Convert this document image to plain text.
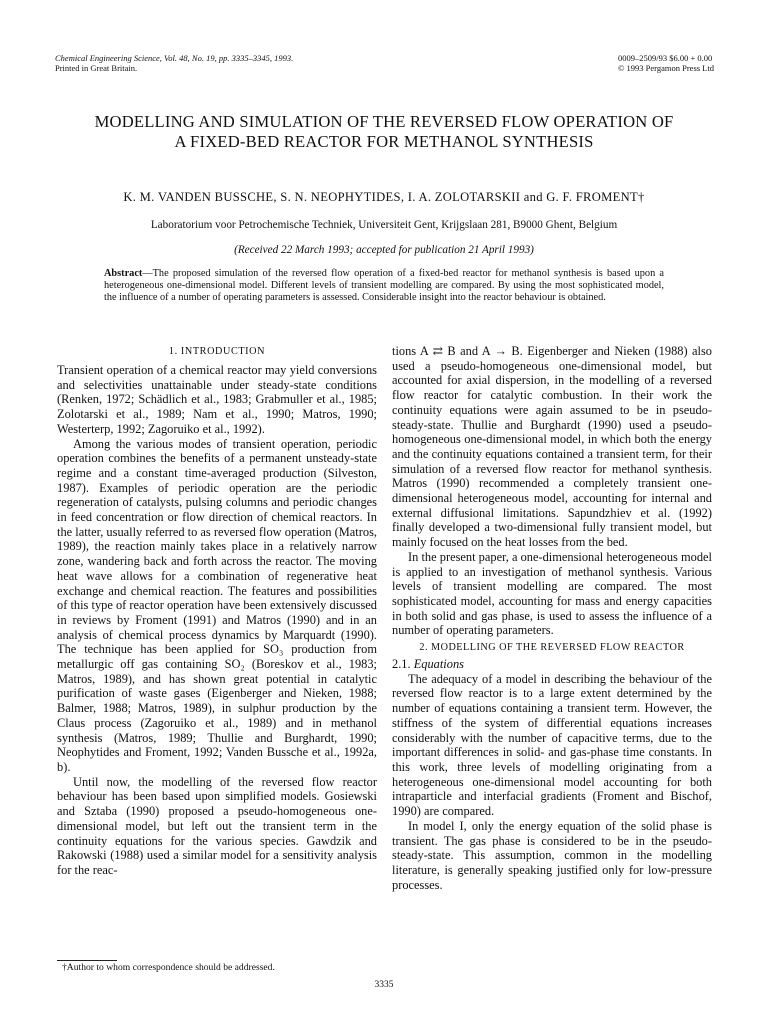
Chemical Engineering Science, Vol. 48, No. 19, pp. 3335–3345, 1993.
Printed in Great Britain.
0009–2509/93 $6.00 + 0.00
© 1993 Pergamon Press Ltd
MODELLING AND SIMULATION OF THE REVERSED FLOW OPERATION OF A FIXED-BED REACTOR FOR METHANOL SYNTHESIS
K. M. VANDEN BUSSCHE, S. N. NEOPHYTIDES, I. A. ZOLOTARSKII and G. F. FROMENT†
Laboratorium voor Petrochemische Techniek, Universiteit Gent, Krijgslaan 281, B9000 Ghent, Belgium
(Received 22 March 1993; accepted for publication 21 April 1993)
Abstract—The proposed simulation of the reversed flow operation of a fixed-bed reactor for methanol synthesis is based upon a heterogeneous one-dimensional model. Different levels of transient modelling are compared. By using the most sophisticated model, the influence of a number of operating parameters is assessed. Considerable insight into the reactor behaviour is obtained.
1. INTRODUCTION

Transient operation of a chemical reactor may yield conversions and selectivities unattainable under steady-state conditions (Renken, 1972; Schädlich et al., 1983; Grabmuller et al., 1985; Zolotarski et al., 1989; Nam et al., 1990; Matros, 1990; Westerterp, 1992; Zagoruiko et al., 1992).

Among the various modes of transient operation, periodic operation combines the benefits of a permanent unsteady-state regime and a constant time-averaged production (Silveston, 1987). Examples of periodic operation are the periodic regeneration of catalysts, pulsing columns and periodic changes in feed concentration or flow direction of chemical reactors. In the latter, usually referred to as reversed flow operation (Matros, 1989), the reaction mainly takes place in a relatively narrow zone, wandering back and forth across the reactor. The moving heat wave allows for a combination of regenerative heat exchange and chemical reaction. The features and possibilities of this type of reactor operation have been extensively discussed in reviews by Froment (1991) and Matros (1990) and in an analysis of chemical process dynamics by Marquardt (1990). The technique has been applied for SO₃ production from metallurgic off gas containing SO₂ (Boreskov et al., 1983; Matros, 1989), and has shown great potential in catalytic purification of waste gases (Eigenberger and Nieken, 1988; Balmer, 1988; Matros, 1989), in sulphur production by the Claus process (Zagoruiko et al., 1989) and in methanol synthesis (Matros, 1989; Thullie and Burghardt, 1990; Neophytides and Froment, 1992; Vanden Bussche et al., 1992a, b).

Until now, the modelling of the reversed flow reactor behaviour has been based upon simplified models. Gosiewski and Sztaba (1990) proposed a pseudo-homogeneous one-dimensional model, but left out the transient term in the continuity equations for the various species. Gawdzik and Rakowski (1988) used a similar model for a sensitivity analysis for the reac-

tions A ⇄ B and A → B. Eigenberger and Nieken (1988) also used a pseudo-homogeneous one-dimensional model, but accounted for axial dispersion, in the modelling of a reversed flow reactor for catalytic combustion. In their work the continuity equations were again assumed to be in pseudo-steady-state. Thullie and Burghardt (1990) used a pseudo-homogeneous one-dimensional model, in which both the energy and the continuity equations contained a transient term, for their simulation of a reversed flow reactor for methanol synthesis. Matros (1990) recommended a completely transient one-dimensional heterogeneous model, accounting for internal and external diffusional limitations. Sapundzhiev et al. (1992) finally developed a two-dimensional fully transient model, but mainly focused on the heat losses from the bed.

In the present paper, a one-dimensional heterogeneous model is applied to an investigation of methanol synthesis. Various levels of transient modelling are compared. The most sophisticated model, accounting for mass and energy capacities in both solid and gas phase, is used to assess the influence of a number of operating parameters.

2. MODELLING OF THE REVERSED FLOW REACTOR
2.1. Equations

The adequacy of a model in describing the behaviour of the reversed flow reactor is to a large extent determined by the number of equations containing a transient term. However, the stiffness of the system of differential equations increases considerably with the number of capacitive terms, due to the important differences in solid- and gas-phase time constants. In this work, three levels of modelling originating from a heterogeneous one-dimensional model accounting for both intraparticle and interfacial gradients (Froment and Bischof, 1990) are compared.

In model I, only the energy equation of the solid phase is transient. The gas phase is considered to be in the pseudo-steady-state. This assumption, common in the modelling literature, is generally speaking justified only for low-pressure processes.

†Author to whom correspondence should be addressed.
3335
